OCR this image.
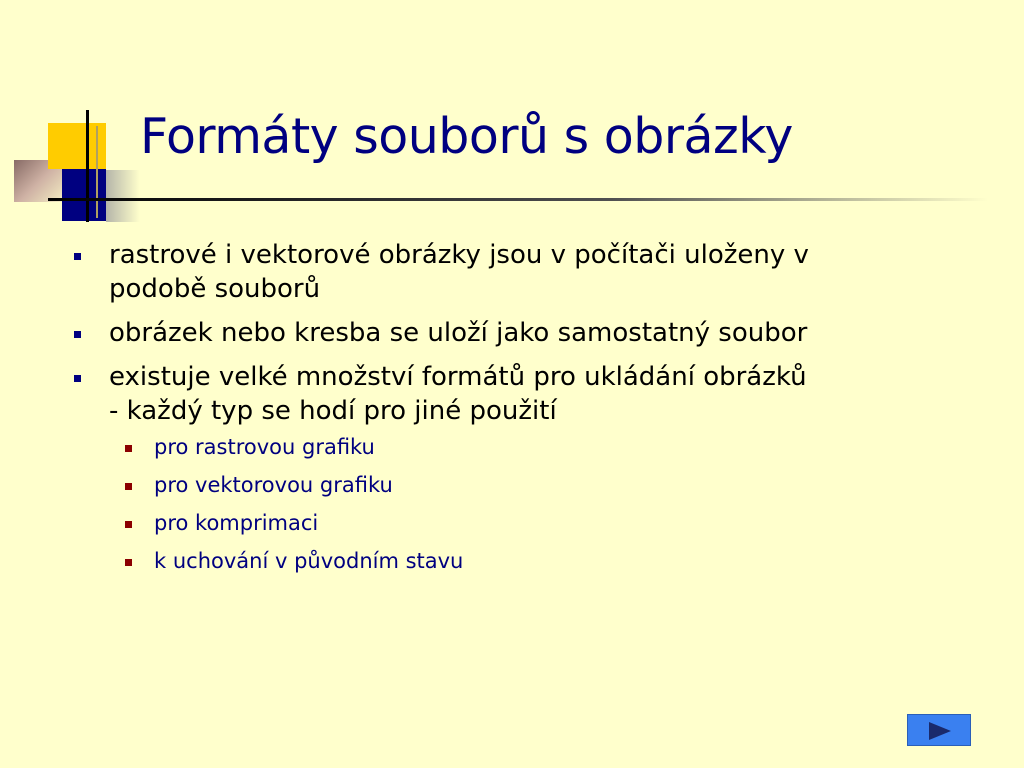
Formáty souborů s obrázky
rastrové i vektorové obrázky jsou v počítači uloženy v podobě souborů
obrázek nebo kresba se uloží jako samostatný soubor
existuje velké množství formátů pro ukládání obrázků - každý typ se hodí pro jiné použití
pro rastrovou grafiku
pro vektorovou grafiku
pro komprimaci
k uchování v původním stavu
